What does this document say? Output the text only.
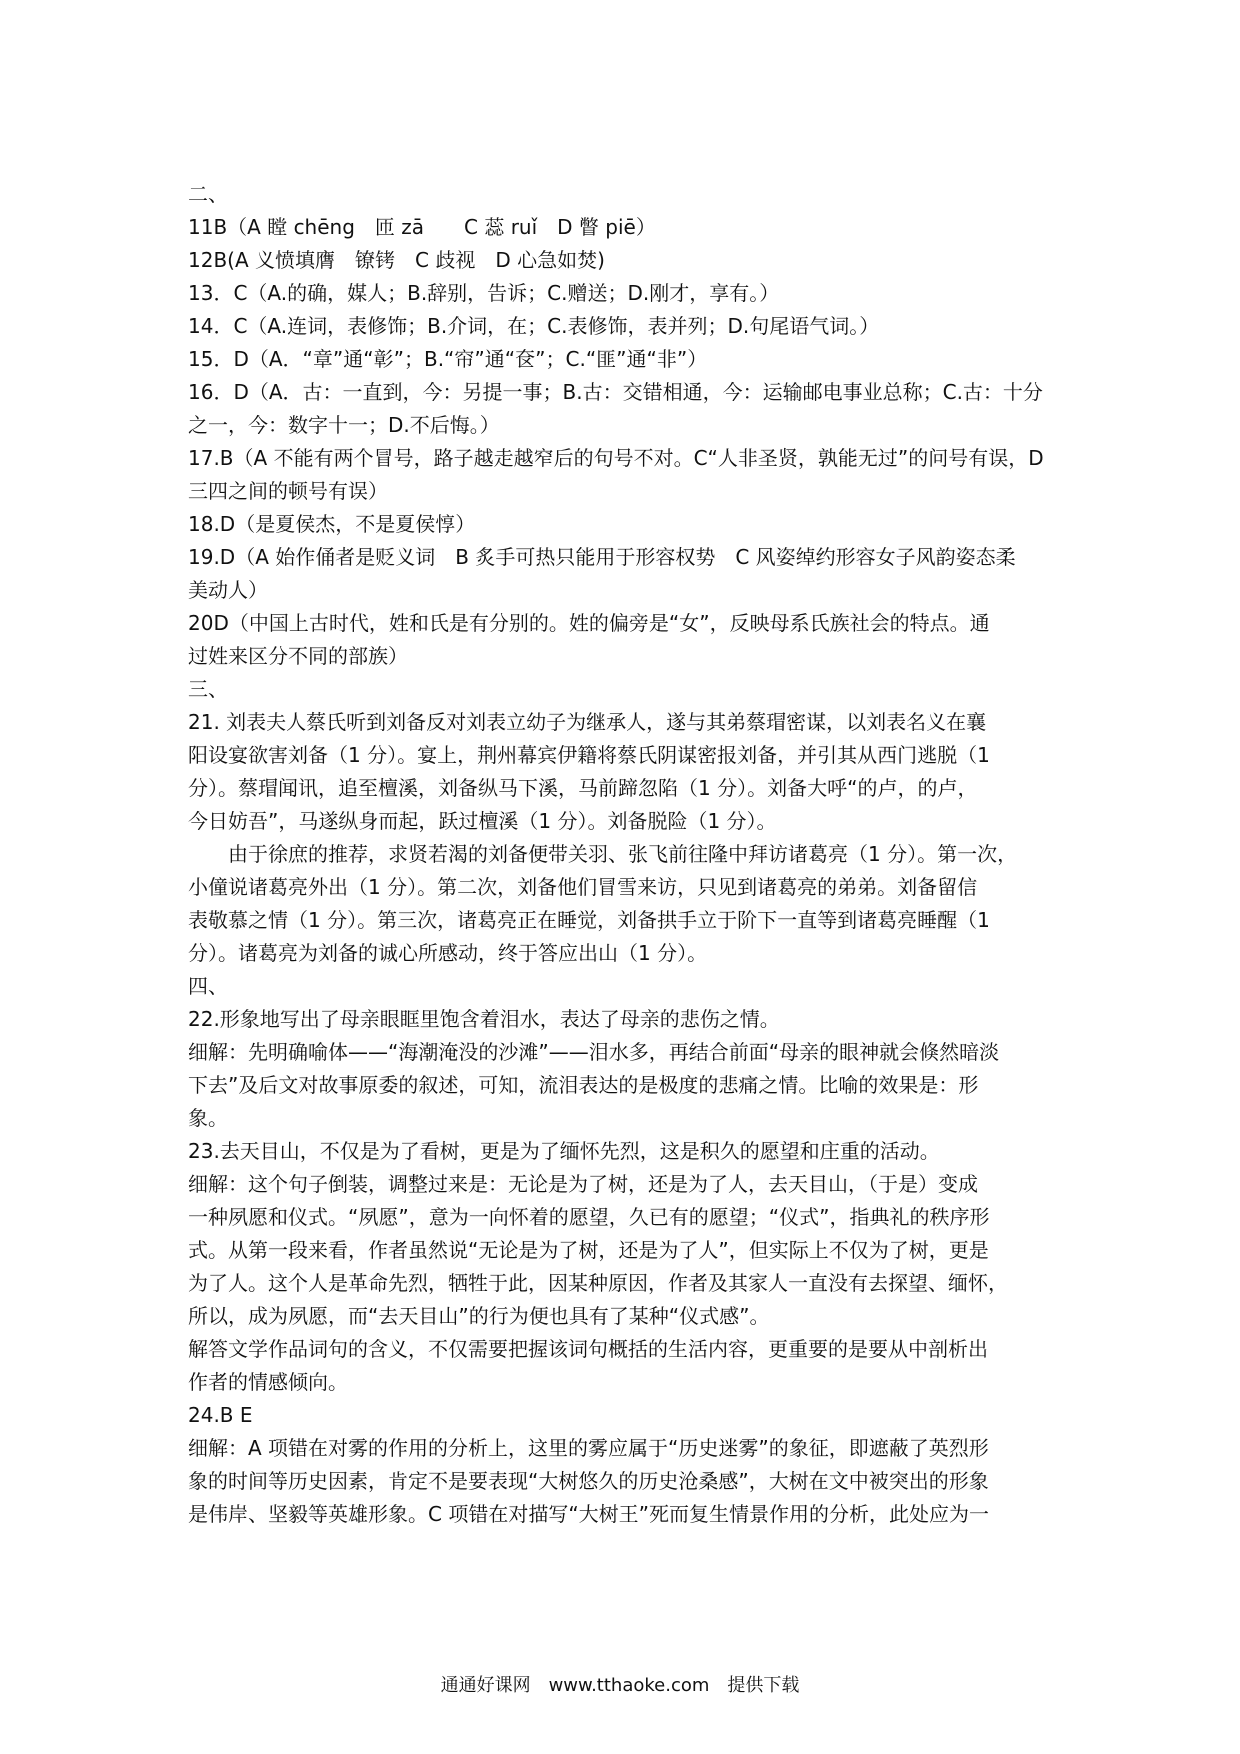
二、

11B（A 瞠 chēng　匝 zā　　C 蕊 ruǐ　D 瞥 piē）

12B(A 义愤填膺　镣铐　C 歧视　D 心急如焚)

13．C（A.的确，媒人；B.辞别，告诉；C.赠送；D.刚才，享有。）

14．C（A.连词，表修饰；B.介词，在；C.表修饰，表并列；D.句尾语气词。）

15．D（A．“章”通“彰”；B.“帘”通“奁”；C.“匪”通“非”）

16．D（A．古：一直到，今：另提一事；B.古：交错相通，今：运输邮电事业总称；C.古：十分

之一，今：数字十一；D.不后悔。）

17.B（A 不能有两个冒号，路子越走越窄后的句号不对。C“人非圣贤，孰能无过”的问号有误，D

三四之间的顿号有误）

18.D（是夏侯杰，不是夏侯惇）

19.D（A 始作俑者是贬义词　B 炙手可热只能用于形容权势　C 风姿绰约形容女子风韵姿态柔

美动人）

20D（中国上古时代，姓和氏是有分别的。姓的偏旁是“女”，反映母系氏族社会的特点。通

过姓来区分不同的部族）

三、

21. 刘表夫人蔡氏听到刘备反对刘表立幼子为继承人，遂与其弟蔡瑁密谋，以刘表名义在襄

阳设宴欲害刘备（1 分）。宴上，荆州幕宾伊籍将蔡氏阴谋密报刘备，并引其从西门逃脱（1

分）。蔡瑁闻讯，追至檀溪，刘备纵马下溪，马前蹄忽陷（1 分）。刘备大呼“的卢，的卢，

今日妨吾”，马遂纵身而起，跃过檀溪（1 分）。刘备脱险（1 分）。

由于徐庶的推荐，求贤若渴的刘备便带关羽、张飞前往隆中拜访诸葛亮（1 分）。第一次，

小僮说诸葛亮外出（1 分）。第二次，刘备他们冒雪来访，只见到诸葛亮的弟弟。刘备留信

表敬慕之情（1 分）。第三次，诸葛亮正在睡觉，刘备拱手立于阶下一直等到诸葛亮睡醒（1

分）。诸葛亮为刘备的诚心所感动，终于答应出山（1 分）。

四、

22.形象地写出了母亲眼眶里饱含着泪水，表达了母亲的悲伤之情。

细解：先明确喻体——“海潮淹没的沙滩”——泪水多，再结合前面“母亲的眼神就会倏然暗淡

下去”及后文对故事原委的叙述，可知，流泪表达的是极度的悲痛之情。比喻的效果是：形

象。

23.去天目山，不仅是为了看树，更是为了缅怀先烈，这是积久的愿望和庄重的活动。

细解：这个句子倒装，调整过来是：无论是为了树，还是为了人，去天目山，（于是）变成

一种夙愿和仪式。“夙愿”，意为一向怀着的愿望，久已有的愿望；“仪式”，指典礼的秩序形

式。从第一段来看，作者虽然说“无论是为了树，还是为了人”，但实际上不仅为了树，更是

为了人。这个人是革命先烈，牺牲于此，因某种原因，作者及其家人一直没有去探望、缅怀，

所以，成为夙愿，而“去天目山”的行为便也具有了某种“仪式感”。

解答文学作品词句的含义，不仅需要把握该词句概括的生活内容，更重要的是要从中剖析出

作者的情感倾向。

24.B E

细解：A 项错在对雾的作用的分析上，这里的雾应属于“历史迷雾”的象征，即遮蔽了英烈形

象的时间等历史因素，肯定不是要表现“大树悠久的历史沧桑感”，大树在文中被突出的形象

是伟岸、坚毅等英雄形象。C 项错在对描写“大树王”死而复生情景作用的分析，此处应为一

通通好课网　www.tthaoke.com　提供下载
